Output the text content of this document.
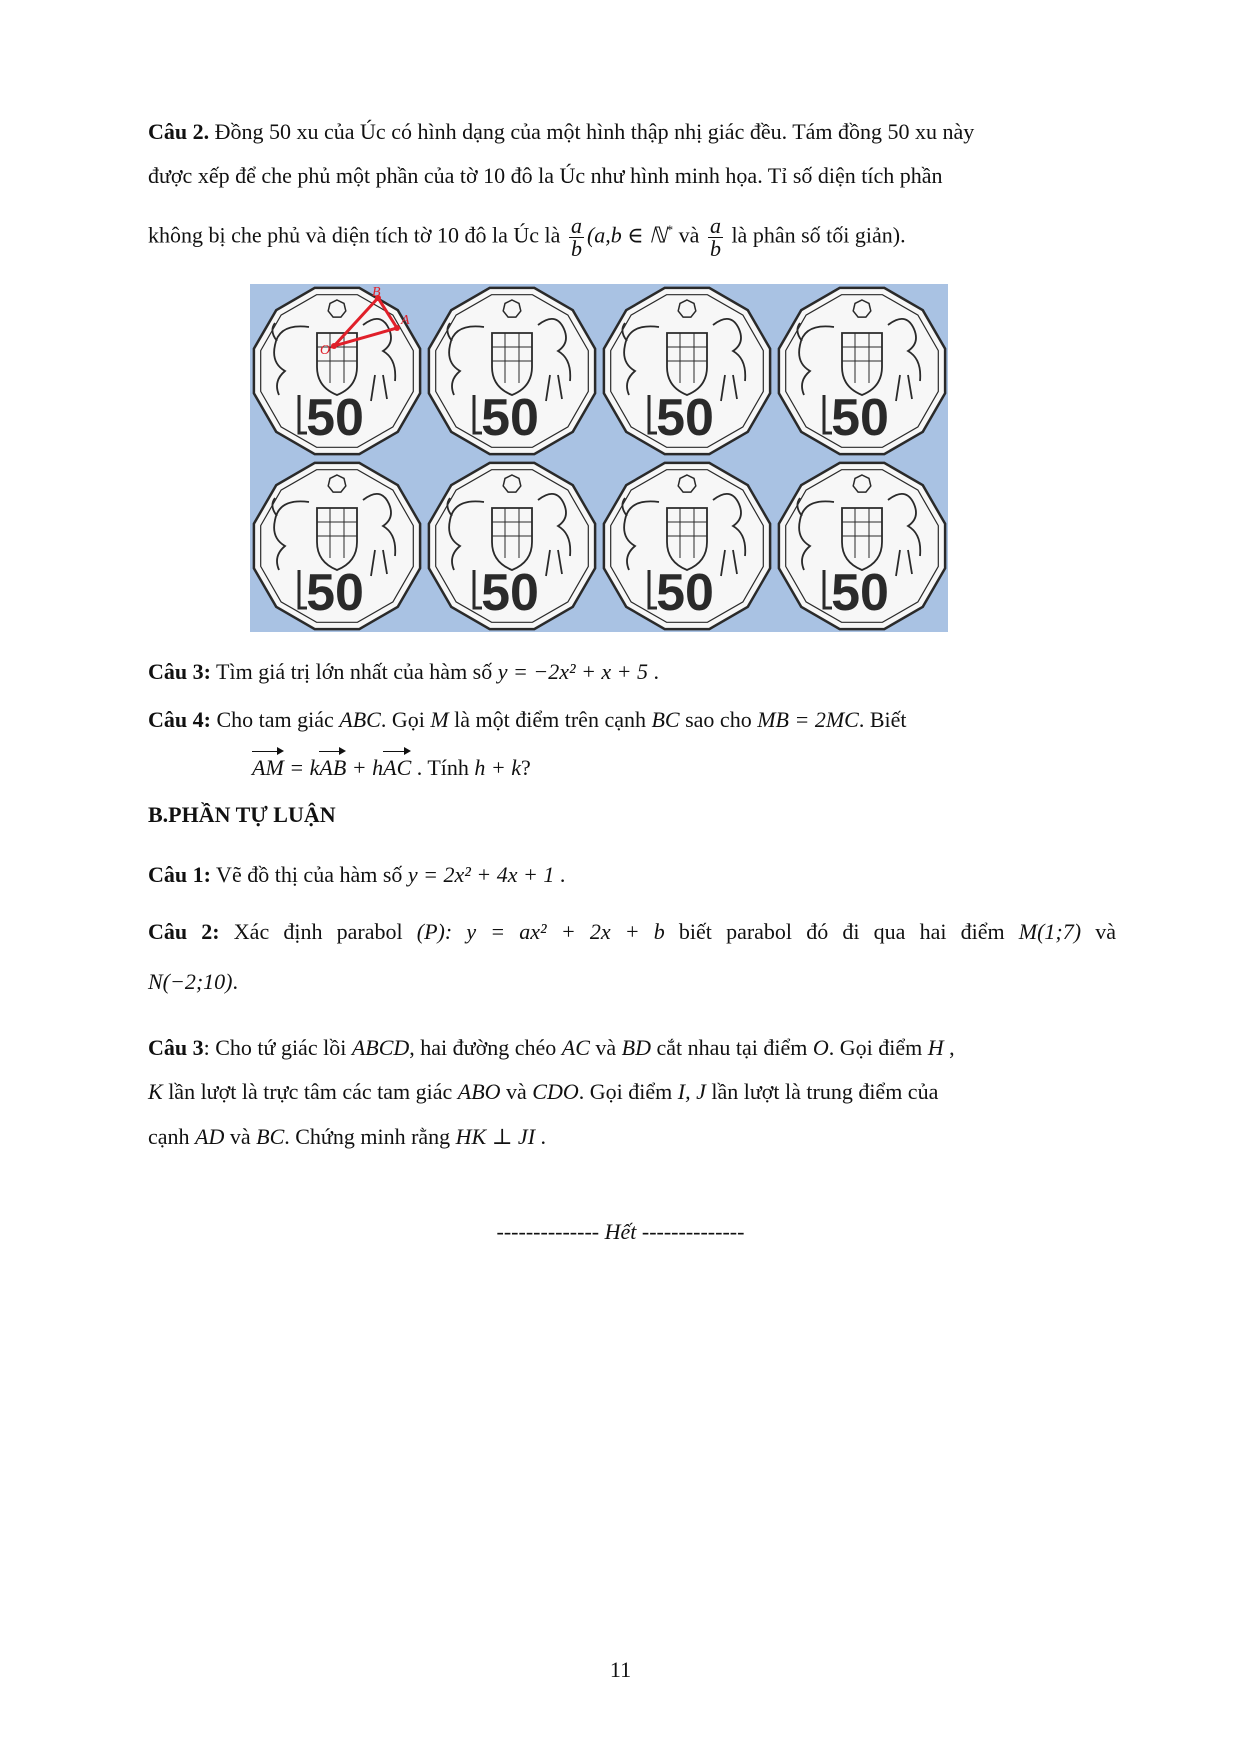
Câu 2. Đồng 50 xu của Úc có hình dạng của một hình thập nhị giác đều. Tám đồng 50 xu này
được xếp để che phủ một phần của tờ 10 đô la Úc như hình minh họa. Tỉ số diện tích phần
không bị che phủ và diện tích tờ 10 đô la Úc là $\frac{a}{b} (a,b$ ∈ ℕ* và $\frac{a}{b}$ là phân số tối giản).
50 50 50 50
50 50 50 50
B
A
O
Câu 3: Tìm giá trị lớn nhất của hàm số y = −2x² + x + 5 .
Câu 4: Cho tam giác ABC. Gọi M là một điểm trên cạnh BC sao cho MB = 2MC. Biết
AM = kAB + hAC . Tính h + k?
B.PHẦN TỰ LUẬN
Câu 1: Vẽ đồ thị của hàm số y = 2x² + 4x + 1 .
Câu 2: Xác định parabol (P): y = ax² + 2x + b biết parabol đó đi qua hai điểm M(1;7) và
N(−2;10).
Câu 3: Cho tứ giác lồi ABCD, hai đường chéo AC và BD cắt nhau tại điểm O. Gọi điểm H ,
K lần lượt là trực tâm các tam giác ABO và CDO. Gọi điểm I, J lần lượt là trung điểm của
cạnh AD và BC. Chứng minh rằng HK ⊥ JI .
-------------- Hết --------------
11
